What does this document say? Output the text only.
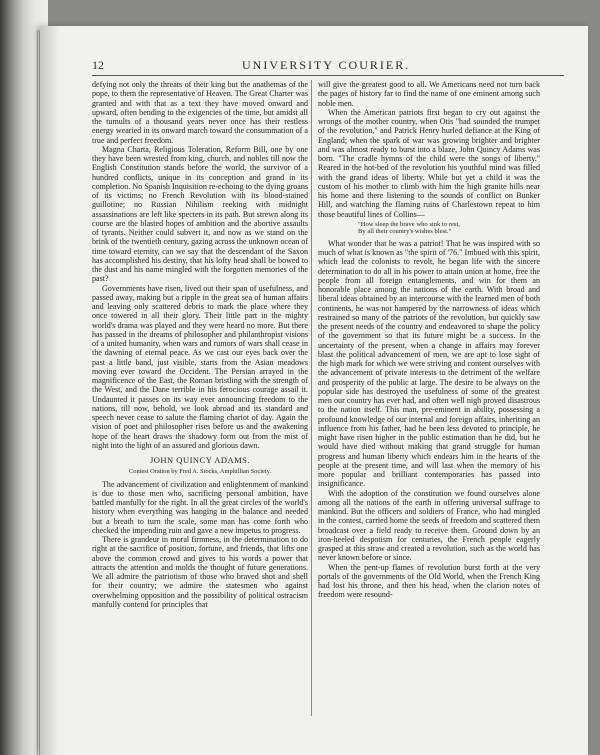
12	UNIVERSITY COURIER.

defying not only the threats of their king but the anathemas of the pope, to them the representative of Heaven. The Great Charter was granted and with that as a text they have moved onward and upward, often bending to the exigencies of the time, but amidst all the tumults of a thousand years never once has their restless energy wearied in its onward march toward the consummation of a true and perfect freedom.

Magna Charta, Religious Toleration, Reform Bill, one by one they have been wrested from king, church, and nobles till now the English Constitution stands before the world, the survivor of a hundred conflicts, unique in its conception and grand in its completion. No Spanish Inquisition re-echoing to the dying groans of its victims; no French Revolution with its blood-stained guillotine; no Russian Nihilism reeking with midnight assassinations are left like specters in its path. But strewn along its course are the blasted hopes of ambition and the abortive assaults of tyrants. Neither could subvert it, and now as we stand on the brink of the twentieth century, gazing across the unknown ocean of time toward eternity, can we say that the descendant of the Saxon has accomplished his destiny, that his lofty head shall be bowed to the dust and his name mingled with the forgotten memories of the past?

Governments have risen, lived out their span of usefulness, and passed away, making but a ripple in the great sea of human affairs and leaving only scattered debris to mark the place where they once towered in all their glory. Their little part in the mighty world's drama was played and they were heard no more. But there has passed in the dreams of philosopher and philanthropist visions of a united humanity, when wars and rumors of wars shall cease in the dawning of eternal peace. As we cast our eyes back over the past a little band, just visible, starts from the Asian meadows moving ever toward the Occident. The Persian arrayed in the magnificence of the East, the Roman bristling with the strength of the West, and the Dane terrible in his ferocious courage assail it. Undaunted it passes on its way ever announcing freedom to the nations, till now, behold, we look abroad and its standard and speech never cease to salute the flaming chariot of day. Again the vision of poet and philosopher rises before us and the awakening hope of the heart draws the shadowy form out from the mist of night into the light of an assured and glorious dawn.

JOHN QUINCY ADAMS.

Contest Oration by Fred A. Stocks, Amphillian Society.

The advancement of civilization and enlightenment of mankind is due to those men who, sacrificing personal ambition, have battled manfully for the right. In all the great circles of the world's history when everything was hanging in the balance and needed but a breath to turn the scale, some man has come forth who checked the impending ruin and gave a new impetus to progress.

There is grandeur in moral firmness, in the determination to do right at the sacrifice of position, fortune, and friends, that lifts one above the common crowd and gives to his words a power that attracts the attention and molds the thought of future generations. We all admire the patriotism of those who braved shot and shell for their country; we admire the statesmen who against overwhelming opposition and the possibility of political ostracism manfully contend for principles that

will give the greatest good to all. We Americans need not turn back the pages of history far to find the name of one eminent among such noble men.

When the American patriots first began to cry out against the wrongs of the mother country, when Otis "had sounded the trumpet of the revolution," and Patrick Henry hurled defiance at the King of England; when the spark of war was growing brighter and brighter and was almost ready to burst into a blaze, John Quincy Adams was born. "The cradle hymns of the child were the songs of liberty." Reared in the hot-bed of the revolution his youthful mind was filled with the grand ideas of liberty. While but yet a child it was the custom of his mother to climb with him the high granite hills near his home and there listening to the sounds of conflict on Bunker Hill, and watching the flaming ruins of Charlestown repeat to him those beautiful lines of Collins—

"How sleep the brave who sink to rest,
By all their country's wishes blest."

What wonder that he was a patriot! That he was inspired with so much of what is known as "the spirit of '76." Imbued with this spirit, which lead the colonists to revolt, he began life with the sincere determination to do all in his power to attain union at home, free the people from all foreign entanglements, and win for them an honorable place among the nations of the earth. With broad and liberal ideas obtained by an intercourse with the learned men of both continents, he was not hampered by the narrowness of ideas which restrained so many of the patriots of the revolution, but quickly saw the present needs of the country and endeavored to shape the policy of the government so that its future might be a success. In the uncertainty of the present, when a change in affairs may forever blast the political advancement of men, we are apt to lose sight of the high mark for which we were striving and content ourselves with the advancement of private interests to the detriment of the welfare and prosperity of the public at large. The desire to be always on the popular side has destroyed the usefulness of some of the greatest men our country has ever had, and often well nigh proved disastrous to the nation itself. This man, pre-eminent in ability, possessing a profound knowledge of our internal and foreign affairs, inheriting an influence from his father, had he been less devoted to principle, he might have risen higher in the public estimation than he did, but he would have died without making that grand struggle for human progress and human liberty which endears him in the hearts of the people at the present time, and will last when the memory of his more popular and brilliant contemporaries has passed into insignificance.

With the adoption of the constitution we found ourselves alone among all the nations of the earth in offering universal suffrage to mankind. But the officers and soldiers of France, who had mingled in the contest, carried home the seeds of freedom and scattered them broadcast over a field ready to receive them. Ground down by an iron-heeled despotism for centuries, the French people eagerly grasped at this straw and created a revolution, such as the world has never known before or since.

When the pent-up flames of revolution burst forth at the very portals of the governments of the Old World, when the French King had lost his throne, and then his head, when the clarion notes of freedom were resound-
